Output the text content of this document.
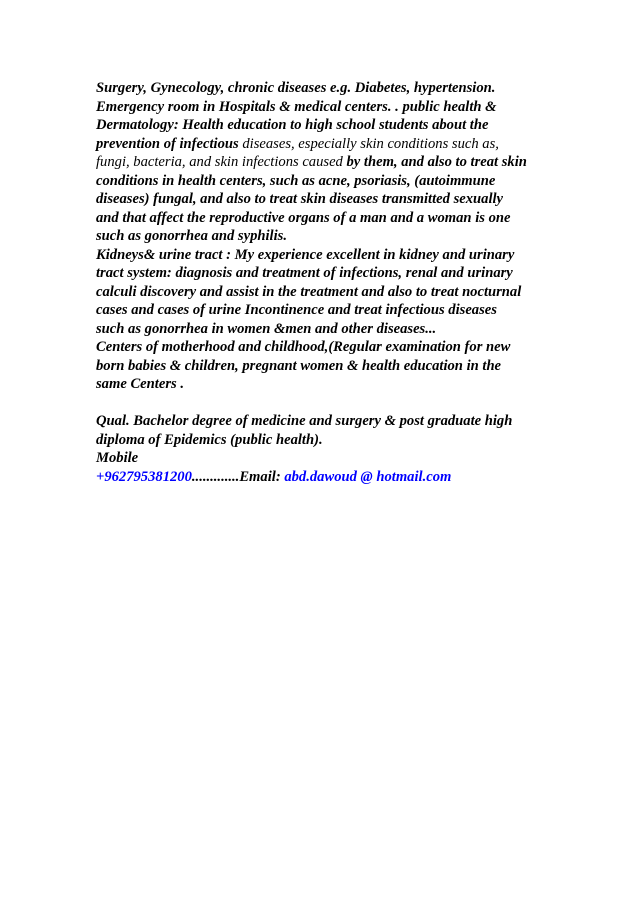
Surgery, Gynecology, chronic diseases e.g. Diabetes, hypertension.
Emergency room in Hospitals & medical centers. . public health &
Dermatology: Health education to high school students about the
prevention of infectious diseases, especially skin conditions such as,
fungi, bacteria, and skin infections caused by them, and also to treat skin
conditions in health centers, such as acne, psoriasis, (autoimmune
diseases) fungal, and also to treat skin diseases transmitted sexually
and that affect the reproductive organs of a man and a woman is one
such as gonorrhea and syphilis.
Kidneys& urine tract : My experience excellent in kidney and urinary
tract system: diagnosis and treatment of infections, renal and urinary
calculi discovery and assist in the treatment and also to treat nocturnal
cases and cases of urine Incontinence and treat infectious diseases
such as gonorrhea in women &men and other diseases...
Centers of motherhood and childhood,(Regular examination for new
born babies & children, pregnant women & health education in the
same Centers .
Qual. Bachelor degree of medicine and surgery & post graduate high
diploma of Epidemics (public health).
Mobile
+962795381200.............Email: abd.dawoud @ hotmail.com
